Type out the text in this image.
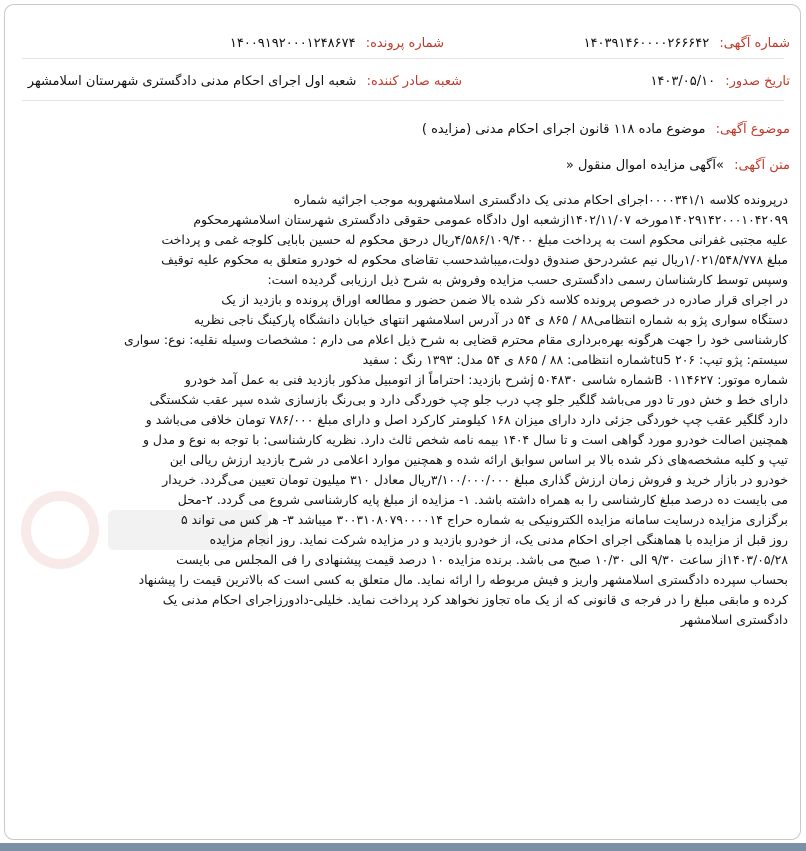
شماره آگهی: ۱۴۰۳۹۱۴۶۰۰۰۰۲۶۶۶۴۲
شماره پرونده: ۱۴۰۰۹۱۹۲۰۰۰۱۲۴۸۶۷۴
تاریخ صدور: ۱۴۰۳/۰۵/۱۰
شعبه صادر کننده: شعبه اول اجرای احکام مدنی دادگستری شهرستان اسلامشهر
موضوع آگهی: موضوع ماده ۱۱۸ قانون اجرای احکام مدنی (مزایده )
متن آگهی: »آگهی مزایده اموال منقول «

درپرونده کلاسه ۰۰۰۰۳۴۱/۱اجرای احکام مدنی یک دادگستری اسلامشهروبه موجب اجرائیه شماره

۱۴۰۲۹۱۴۲۰۰۰۱۰۴۲۰۹۹مورخه ۱۴۰۲/۱۱/۰۷ازشعبه اول دادگاه عمومی حقوقی دادگستری شهرستان اسلامشهرمحکوم

علیه مجتبی غفرانی محکوم است به پرداخت مبلغ ۴/۵۸۶/۱۰۹/۴۰۰ریال درحق محکوم له حسین بابایی کلوجه غمی و پرداخت

مبلغ ۱/۰۲۱/۵۴۸/۷۷۸ریال نیم عشردرحق صندوق دولت،میباشدحسب تقاضای محکوم له خودرو متعلق به محکوم علیه توقیف

وسپس توسط کارشناسان رسمی دادگستری حسب مزایده وفروش به شرح ذیل ارزیابی گردیده است:

در اجرای قرار صادره در خصوص پرونده کلاسه ذکر شده بالا ضمن حضور و مطالعه اوراق پرونده و بازدید از یک

دستگاه سواری پژو به شماره انتظامی۸۸ / ۸۶۵ ی ۵۴ در آدرس اسلامشهر انتهای خیابان دانشگاه پارکینگ ناجی نظریه

کارشناسی خود را جهت هرگونه بهره‌برداری مقام محترم قضایی به شرح ذیل اعلام می دارم : مشخصات وسیله نقلیه: نوع: سواری

سیستم: پژو تیپ: ۲۰۶ tu5شماره انتظامی: ۸۸ / ۸۶۵ ی ۵۴ مدل: ۱۳۹۳ رنگ : سفید

شماره موتور: ۰۱۱۴۶۲۷ Bشماره شاسی ۵۰۴۸۳۰ jشرح بازدید: احتراماً از اتومبیل مذکور بازدید فنی به عمل آمد خودرو

دارای خط و خش دور تا دور می‌باشد گلگیر جلو چپ درب جلو چپ خوردگی دارد و بی‌رنگ بازسازی شده سپر عقب شکستگی

دارد گلگیر عقب چپ خوردگی جزئی دارد دارای میزان ۱۶۸ کیلومتر کارکرد اصل و دارای مبلغ ۷۸۶/۰۰۰ تومان خلافی می‌باشد و

همچنین اصالت خودرو مورد گواهی است و تا سال ۱۴۰۴ بیمه نامه شخص ثالث دارد. نظریه کارشناسی: با توجه به نوع و مدل و

تیپ و کلیه مشخصه‌های ذکر شده بالا بر اساس سوابق ارائه شده و همچنین موارد اعلامی در شرح بازدید ارزش ریالی این

خودرو در بازار خرید و فروش زمان ارزش گذاری مبلغ ۳/۱۰۰/۰۰۰/۰۰۰ریال معادل ۳۱۰ میلیون تومان تعیین می‌گردد. خریدار

می بایست ده درصد مبلغ کارشناسی را به همراه داشته باشد. ۱- مزایده از مبلغ پایه کارشناسی شروع می گردد. ۲-محل

برگزاری مزایده درسایت سامانه مزایده الکترونیکی به شماره حراج ۳۰۰۳۱۰۸۰۷۹۰۰۰۰۱۴ میباشد ۳- هر کس می تواند ۵

روز قبل از مزایده با هماهنگی اجرای احکام مدنی یک، از خودرو بازدید و در مزایده شرکت نماید. روز انجام مزایده

۱۴۰۳/۰۵/۲۸از ساعت ۹/۳۰ الی ۱۰/۳۰ صبح می باشد. برنده مزایده ۱۰ درصد قیمت پیشنهادی را فی المجلس می بایست

بحساب سپرده دادگستری اسلامشهر واریز و فیش مربوطه را ارائه نماید. مال متعلق به کسی است که بالاترین قیمت را پیشنهاد

کرده و مابقی مبلغ را در فرجه ی قانونی که از یک ماه تجاوز نخواهد کرد پرداخت نماید. خلیلی-دادورزاجرای احکام مدنی یک

دادگستری اسلامشهر
